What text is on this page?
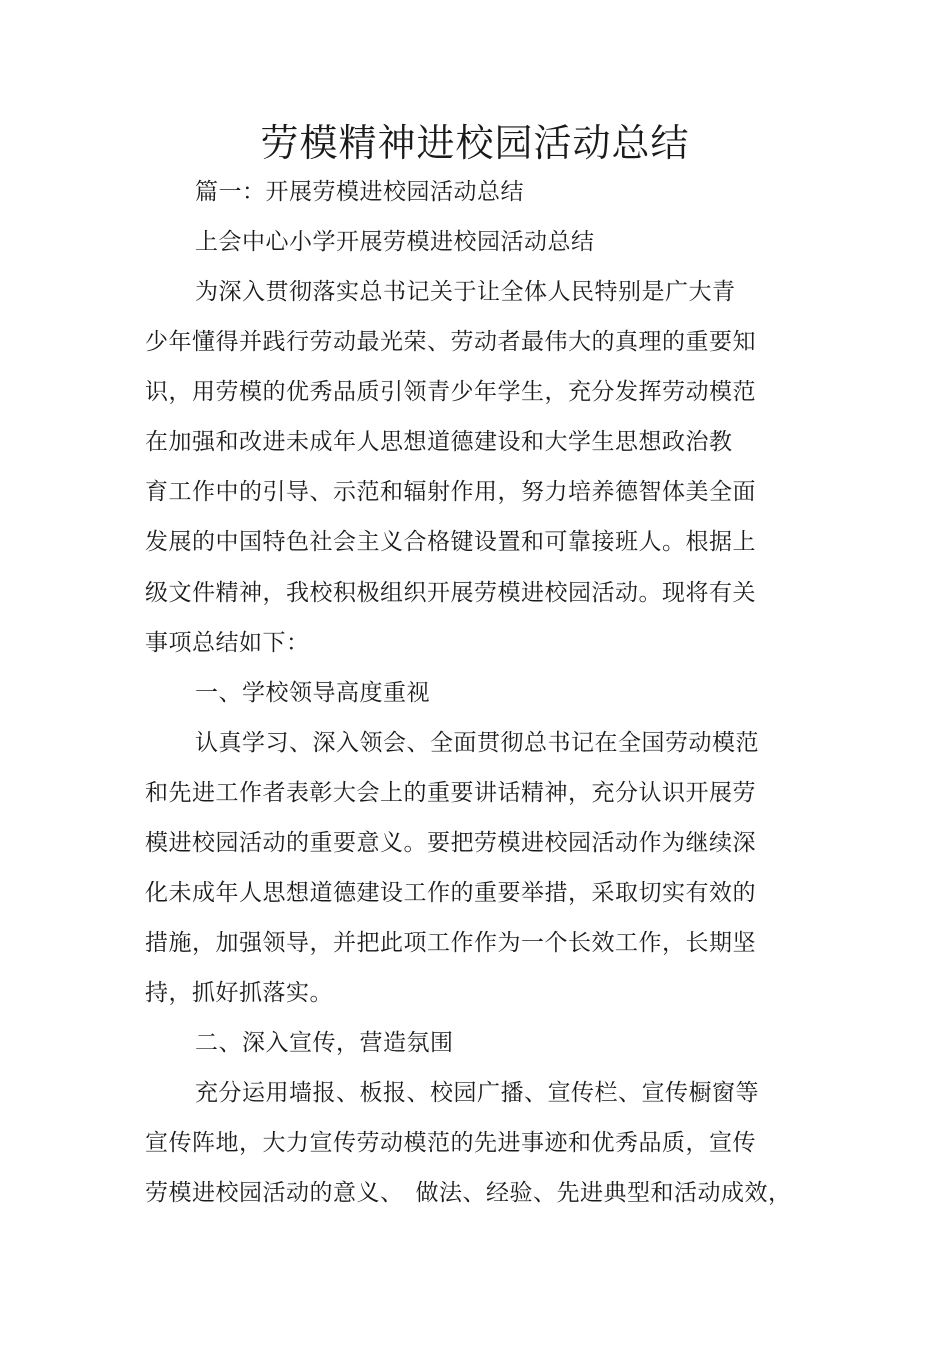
劳模精神进校园活动总结

篇一：开展劳模进校园活动总结

上会中心小学开展劳模进校园活动总结

为深入贯彻落实总书记关于让全体人民特别是广大青

少年懂得并践行劳动最光荣、劳动者最伟大的真理的重要知

识，用劳模的优秀品质引领青少年学生，充分发挥劳动模范

在加强和改进未成年人思想道德建设和大学生思想政治教

育工作中的引导、示范和辐射作用，努力培养德智体美全面

发展的中国特色社会主义合格键设置和可靠接班人。根据上

级文件精神，我校积极组织开展劳模进校园活动。现将有关

事项总结如下：

一、学校领导高度重视

认真学习、深入领会、全面贯彻总书记在全国劳动模范

和先进工作者表彰大会上的重要讲话精神，充分认识开展劳

模进校园活动的重要意义。要把劳模进校园活动作为继续深

化未成年人思想道德建设工作的重要举措，采取切实有效的

措施，加强领导，并把此项工作作为一个长效工作，长期坚

持，抓好抓落实。

二、深入宣传，营造氛围

充分运用墙报、板报、校园广播、宣传栏、宣传橱窗等

宣传阵地，大力宣传劳动模范的先进事迹和优秀品质，宣传

劳模进校园活动的意义、　做法、经验、先进典型和活动成效，
